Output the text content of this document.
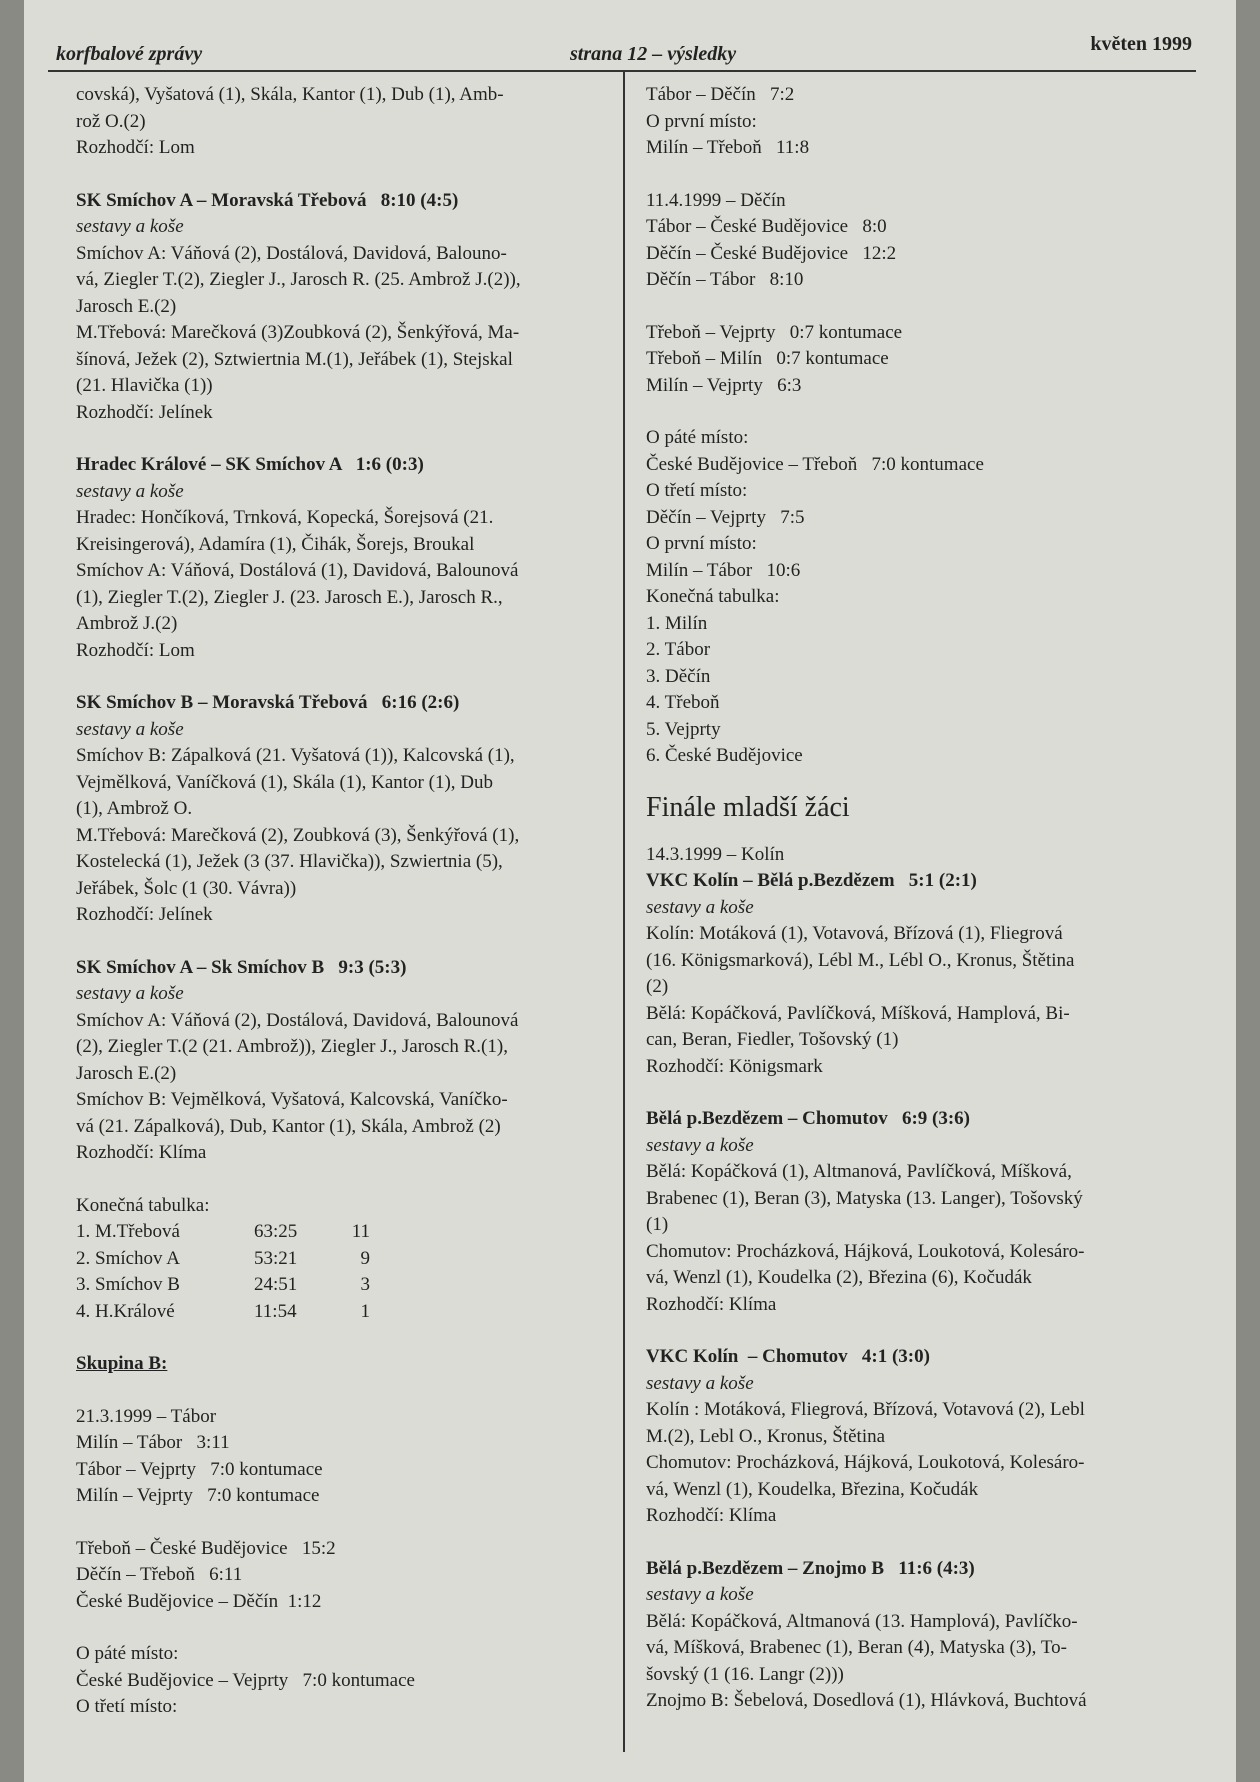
korfbalové zprávy	strana 12 – výsledky	květen 1999
covská), Vyšatová (1), Skála, Kantor (1), Dub (1), Amb-
rož O.(2)
Rozhodčí: Lom
SK Smíchov A – Moravská Třebová   8:10 (4:5)
sestavy a koše
Smíchov A: Váňová (2), Dostálová, Davidová, Balouno-
vá, Ziegler T.(2), Ziegler J., Jarosch R. (25. Ambrož J.(2)),
Jarosch E.(2)
M.Třebová: Marečková (3)Zoubková (2), Šenkýřová, Ma-
šínová, Ježek (2), Sztwiertnia M.(1), Jeřábek (1), Stejskal
(21. Hlavička (1))
Rozhodčí: Jelínek
Hradec Králové – SK Smíchov A   1:6 (0:3)
sestavy a koše
Hradec: Hončíková, Trnková, Kopecká, Šorejsová (21.
Kreisingerová), Adamíra (1), Čihák, Šorejs, Broukal
Smíchov A: Váňová, Dostálová (1), Davidová, Balounová
(1), Ziegler T.(2), Ziegler J. (23. Jarosch E.), Jarosch R.,
Ambrož J.(2)
Rozhodčí: Lom
SK Smíchov B – Moravská Třebová   6:16 (2:6)
sestavy a koše
Smíchov B: Zápalková (21. Vyšatová (1)), Kalcovská (1),
Vejmělková, Vaníčková (1), Skála (1), Kantor (1), Dub
(1), Ambrož O.
M.Třebová: Marečková (2), Zoubková (3), Šenkýřová (1),
Kostelecká (1), Ježek (3 (37. Hlavička)), Szwiertnia (5),
Jeřábek, Šolc (1 (30. Vávra))
Rozhodčí: Jelínek
SK Smíchov A – Sk Smíchov B   9:3 (5:3)
sestavy a koše
Smíchov A: Váňová (2), Dostálová, Davidová, Balounová
(2), Ziegler T.(2 (21. Ambrož)), Ziegler J., Jarosch R.(1),
Jarosch E.(2)
Smíchov B: Vejmělková, Vyšatová, Kalcovská, Vaníčko-
vá (21. Zápalková), Dub, Kantor (1), Skála, Ambrož (2)
Rozhodčí: Klíma
Konečná tabulka:
1. M.Třebová	63:25	11
2. Smíchov A	53:21	9
3. Smíchov B	24:51	3
4. H.Králové	11:54	1
Skupina B:
21.3.1999 – Tábor
Milín – Tábor   3:11
Tábor – Vejprty   7:0 kontumace
Milín – Vejprty   7:0 kontumace
Třeboň – České Budějovice   15:2
Děčín – Třeboň   6:11
České Budějovice – Děčín  1:12
O páté místo:
České Budějovice – Vejprty   7:0 kontumace
O třetí místo:
Tábor – Děčín   7:2
O první místo:
Milín – Třeboň   11:8
11.4.1999 – Děčín
Tábor – České Budějovice   8:0
Děčín – České Budějovice   12:2
Děčín – Tábor   8:10
Třeboň – Vejprty   0:7 kontumace
Třeboň – Milín   0:7 kontumace
Milín – Vejprty   6:3
O páté místo:
České Budějovice – Třeboň   7:0 kontumace
O třetí místo:
Děčín – Vejprty   7:5
O první místo:
Milín – Tábor   10:6
Konečná tabulka:
1. Milín
2. Tábor
3. Děčín
4. Třeboň
5. Vejprty
6. České Budějovice
Finále mladší žáci
14.3.1999 – Kolín
VKC Kolín – Bělá p.Bezdězem   5:1 (2:1)
sestavy a koše
Kolín: Motáková (1), Votavová, Břízová (1), Fliegrová
(16. Königsmarková), Lébl M., Lébl O., Kronus, Štětina
(2)
Bělá: Kopáčková, Pavlíčková, Míšková, Hamplová, Bi-
can, Beran, Fiedler, Tošovský (1)
Rozhodčí: Königsmark
Bělá p.Bezdězem – Chomutov   6:9 (3:6)
sestavy a koše
Bělá: Kopáčková (1), Altmanová, Pavlíčková, Míšková,
Brabenec (1), Beran (3), Matyska (13. Langer), Tošovský
(1)
Chomutov: Procházková, Hájková, Loukotová, Kolesáro-
vá, Wenzl (1), Koudelka (2), Březina (6), Kočudák
Rozhodčí: Klíma
VKC Kolín  – Chomutov   4:1 (3:0)
sestavy a koše
Kolín : Motáková, Fliegrová, Břízová, Votavová (2), Lebl
M.(2), Lebl O., Kronus, Štětina
Chomutov: Procházková, Hájková, Loukotová, Kolesáro-
vá, Wenzl (1), Koudelka, Březina, Kočudák
Rozhodčí: Klíma
Bělá p.Bezdězem – Znojmo B   11:6 (4:3)
sestavy a koše
Bělá: Kopáčková, Altmanová (13. Hamplová), Pavlíčko-
vá, Míšková, Brabenec (1), Beran (4), Matyska (3), To-
šovský (1 (16. Langr (2)))
Znojmo B: Šebelová, Dosedlová (1), Hlávková, Buchtová
